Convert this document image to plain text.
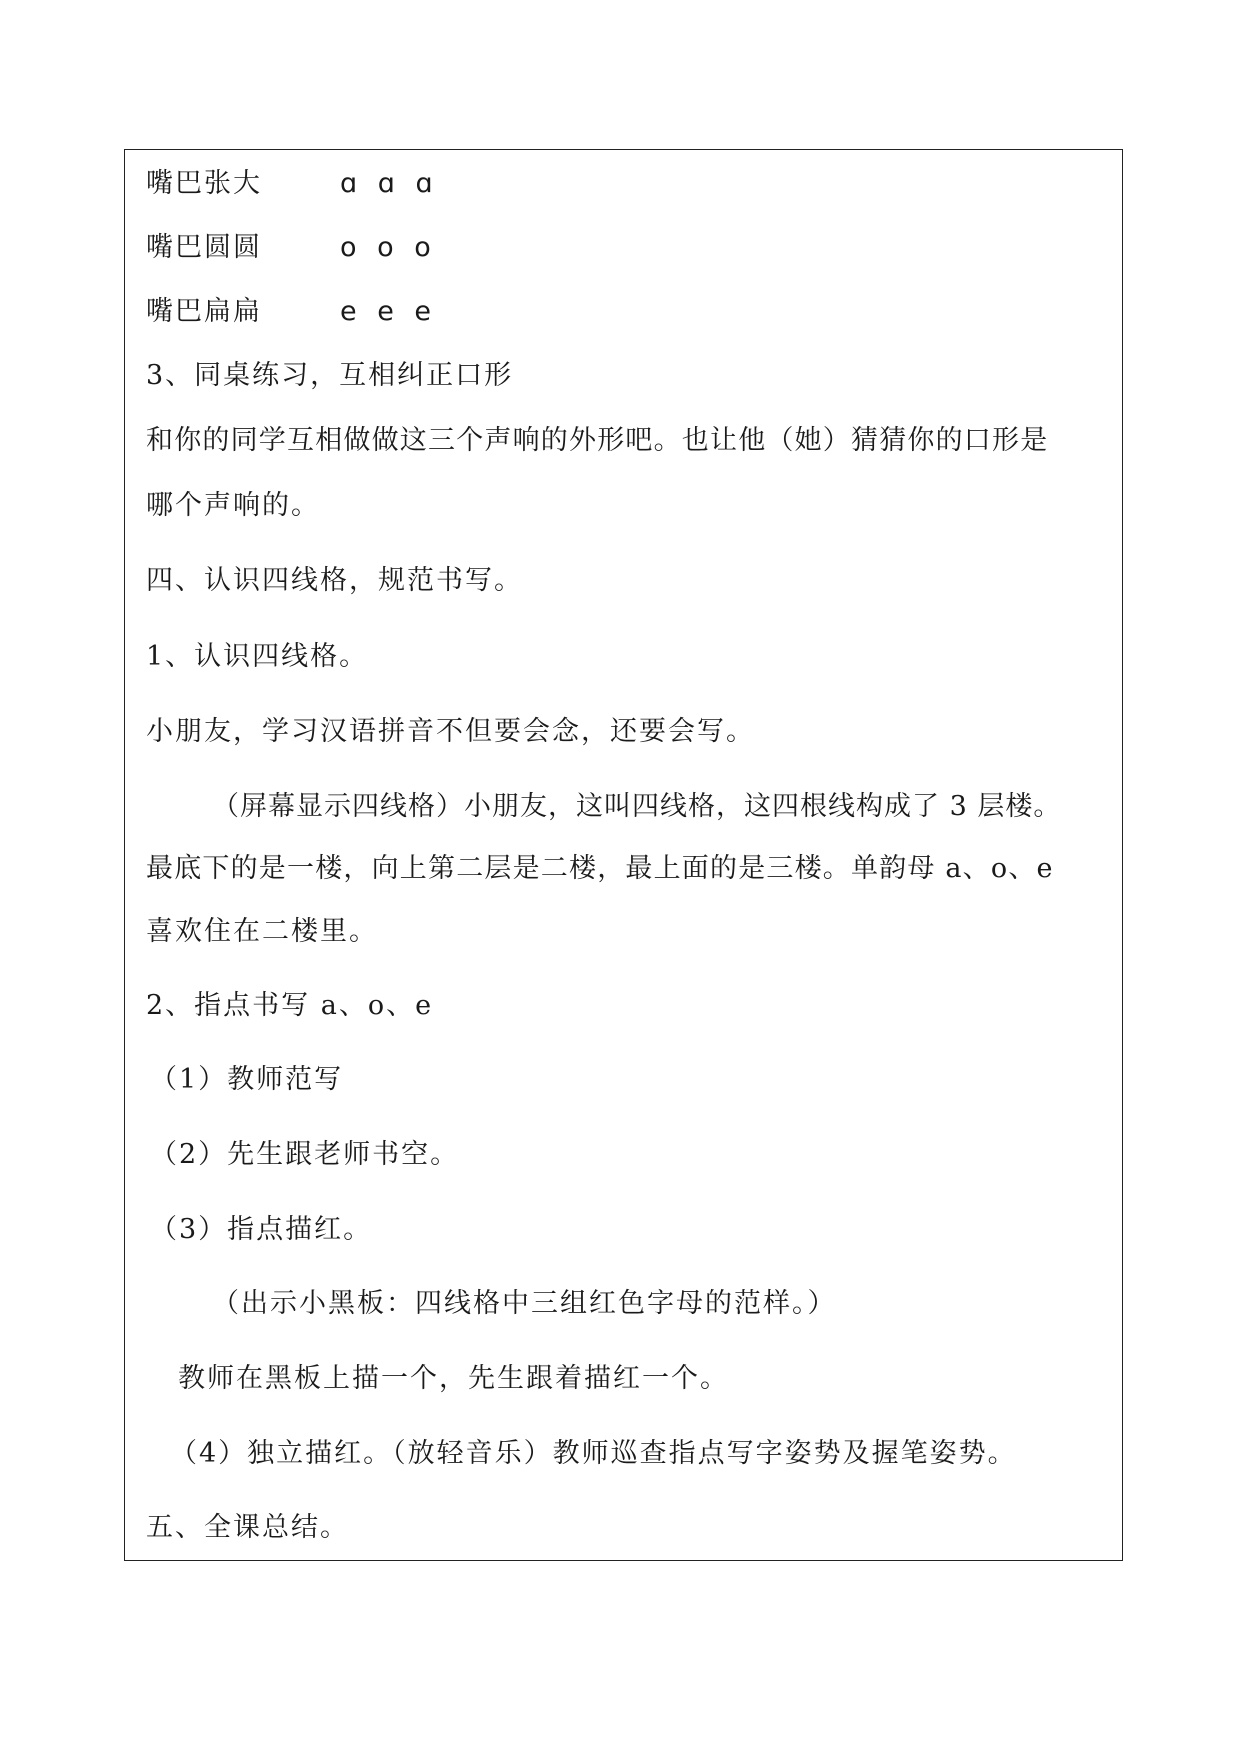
嘴巴张大	ɑ ɑ ɑ
嘴巴圆圆	o o o
嘴巴扁扁	e e e
3、同桌练习，互相纠正口形
和你的同学互相做做这三个声响的外形吧。也让他（她）猜猜你的口形是
哪个声响的。
四、认识四线格，规范书写。
1、认识四线格。
小朋友，学习汉语拼音不但要会念，还要会写。
（屏幕显示四线格）小朋友，这叫四线格，这四根线构成了 3 层楼。
最底下的是一楼，向上第二层是二楼，最上面的是三楼。单韵母 a、o、e
喜欢住在二楼里。
2、指点书写 a、o、e
（1）教师范写
（2）先生跟老师书空。
（3）指点描红。
（出示小黑板：四线格中三组红色字母的范样。）
教师在黑板上描一个，先生跟着描红一个。
（4）独立描红。（放轻音乐）教师巡查指点写字姿势及握笔姿势。
五、全课总结。
